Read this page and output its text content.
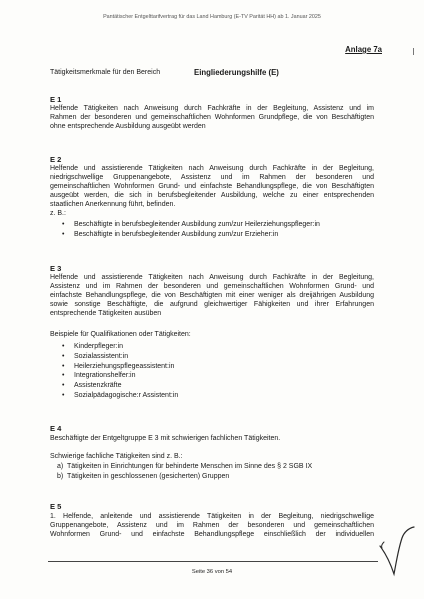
Pantätischer Entgelttarifvertrag für das Land Hamburg (E-TV Paritát HH) ab 1. Januar 2025
Anlage 7a
Tätigkeitsmerkmale für den Bereich	Eingliederungshilfe (E)
E 1
Helfende Tätigkeiten nach Anweisung durch Fachkräfte in der Begleitung, Assistenz und im
Rahmen der besonderen und gemeinschaftlichen Wohnformen Grundpflege, die von Beschäftigten
ohne entsprechende Ausbildung ausgeübt werden
E 2
Helfende und assistierende Tätigkeiten nach Anweisung durch Fachkräfte in der Begleitung,
niedrigschwellige Gruppenangebote, Assistenz und im Rahmen der besonderen und
gemeinschaftlichen Wohnformen Grund- und einfachste Behandlungspflege, die von Beschäftigten
ausgeübt werden, die sich in berufsbegleitender Ausbildung, welche zu einer entsprechenden
staatlichen Anerkennung führt, befinden.
z. B.:
• Beschäftigte in berufsbegleitender Ausbildung zum/zur Heilerziehungspfleger:in
• Beschäftigte in berufsbegleitender Ausbildung zum/zur Erzieher:in
E 3
Helfende und assistierende Tätigkeiten nach Anweisung durch Fachkräfte in der Begleitung,
Assistenz und im Rahmen der besonderen und gemeinschaftlichen Wohnformen Grund- und
einfachste Behandlungspflege, die von Beschäftigten mit einer weniger als dreijährigen Ausbildung
sowie sonstige Beschäftigte, die aufgrund gleichwertiger Fähigkeiten und ihrer Erfahrungen
entsprechende Tätigkeiten ausüben
Beispiele für Qualifikationen oder Tätigkeiten:
• Kinderpfleger:in
• Sozialassistent:in
• Heilerziehungspflegeassistent:in
• Integrationshelfer:in
• Assistenzkräfte
• Sozialpädagogische:r Assistent:in
E 4
Beschäftigte der Entgeltgruppe E 3 mit schwierigen fachlichen Tätigkeiten.
Schwierige fachliche Tätigkeiten sind z. B.:
a) Tätigkeiten in Einrichtungen für behinderte Menschen im Sinne des § 2 SGB IX
b) Tätigkeiten in geschlossenen (gesicherten) Gruppen
E 5
1. Helfende, anleitende und assistierende Tätigkeiten in der Begleitung, niedrigschwellige
Gruppenangebote, Assistenz und im Rahmen der besonderen und gemeinschaftlichen
Wohnformen Grund- und einfachste Behandlungspflege einschließlich der individuellen
Seite 36 von 54
